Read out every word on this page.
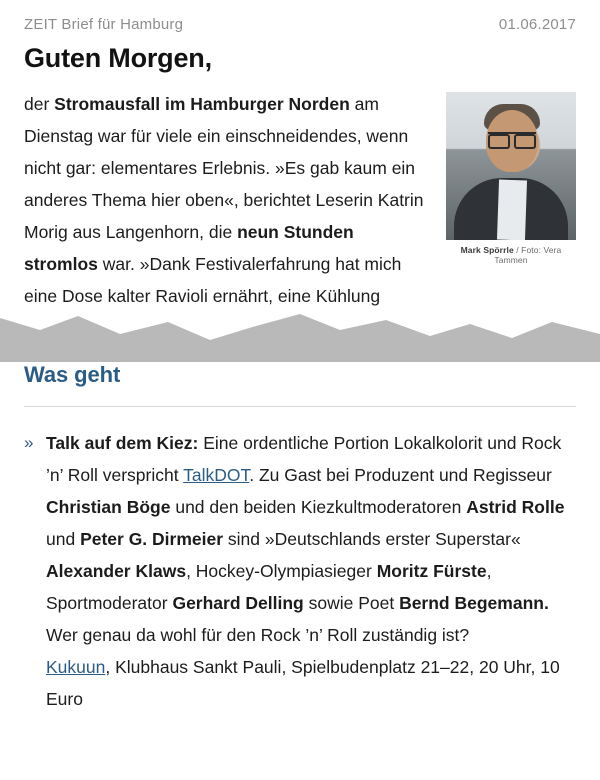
ZEIT Brief für Hamburg	01.06.2017
Guten Morgen,
Mark Spörrle / Foto: Vera Tammen

der Stromausfall im Hamburger Norden am Dienstag war für viele ein einschneidendes, wenn nicht gar: elementares Erlebnis. »Es gab kaum ein anderes Thema hier oben«, berichtet Leserin Katrin Morig aus Langenhorn, die neun Stunden stromlos war. »Dank Festivalerfahrung hat mich eine Dose kalter Ravioli ernährt, eine Kühlung

Was geht
» Talk auf dem Kiez: Eine ordentliche Portion Lokalkolorit und Rock ’n’ Roll verspricht TalkDOT. Zu Gast bei Produzent und Regisseur Christian Böge und den beiden Kiezkultmoderatoren Astrid Rolle und Peter G. Dirmeier sind »Deutschlands erster Superstar« Alexander Klaws, Hockey-Olympiasieger Moritz Fürste, Sportmoderator Gerhard Delling sowie Poet Bernd Begemann. Wer genau da wohl für den Rock ’n’ Roll zuständig ist?

Kukuun, Klubhaus Sankt Pauli, Spielbudenplatz 21–22, 20 Uhr, 10 Euro
